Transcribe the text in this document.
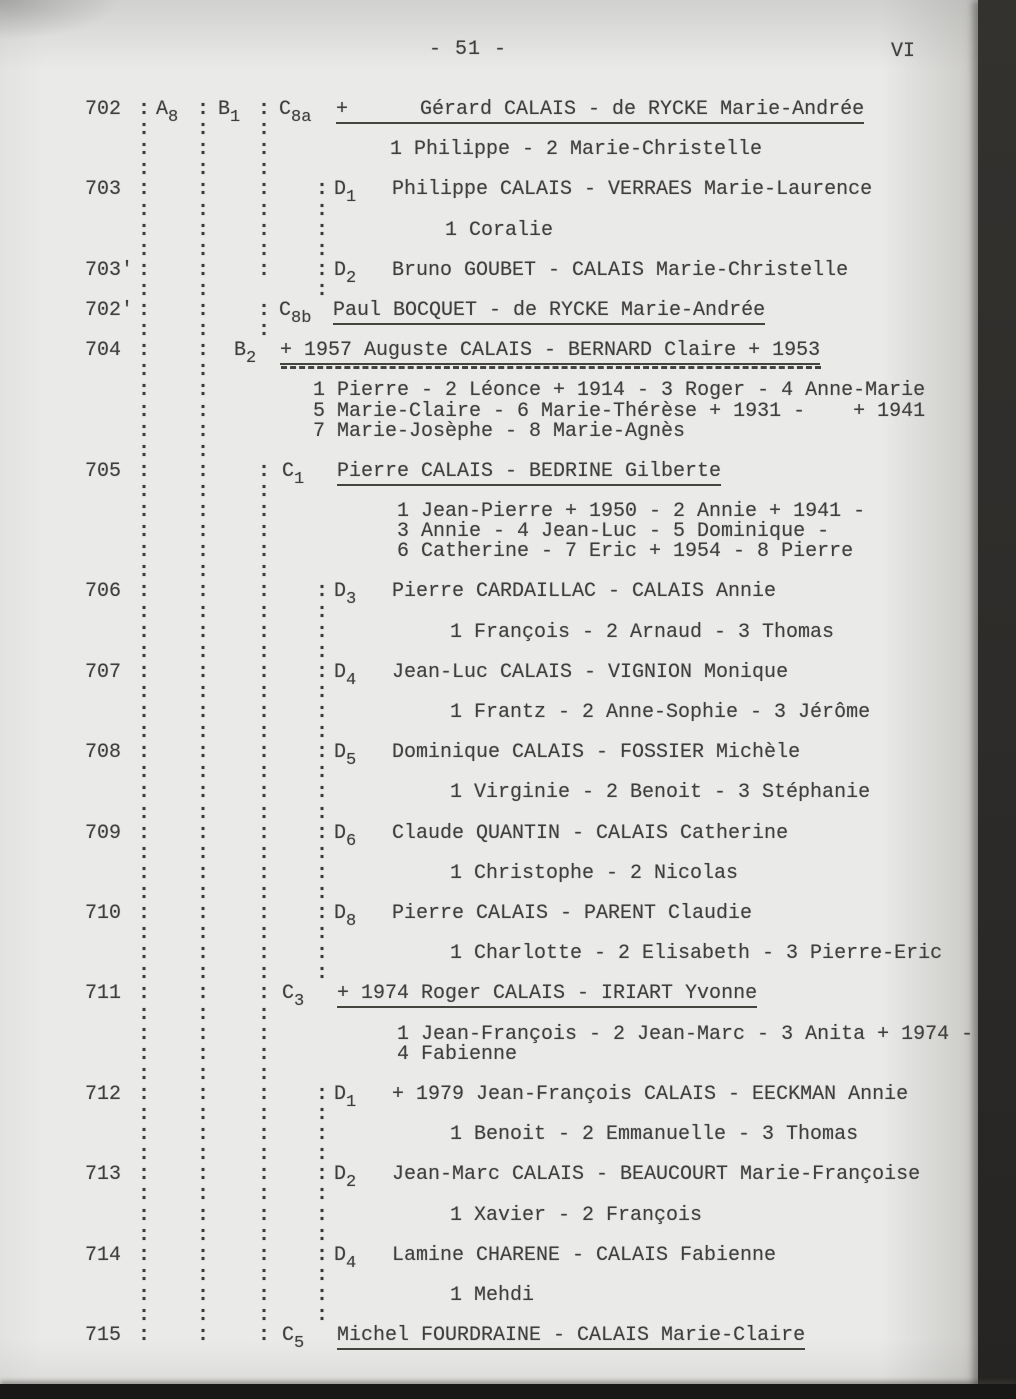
- 51 -	VI
702 : A8 : B1 : C8a +      Gérard CALAIS - de RYCKE Marie-Andrée
: : :
: : :	1 Philippe - 2 Marie-Christelle
: : :
703 : : : : D1 Philippe CALAIS - VERRAES Marie-Laurence
: : : :
: : : :	1 Coralie
: : : :
703' : : : : D2 Bruno GOUBET - CALAIS Marie-Christelle
: :	:
702' : : : C8b Paul BOCQUET - de RYCKE Marie-Andrée
: : :
704 : : B2 + 1957 Auguste CALAIS - BERNARD Claire + 1953
: :
: :	1 Pierre - 2 Léonce + 1914 - 3 Roger - 4 Anne-Marie
: :	5 Marie-Claire - 6 Marie-Thérèse + 1931 -    + 1941
: :	7 Marie-Josèphe - 8 Marie-Agnès
: :
705 : : : C1 Pierre CALAIS - BEDRINE Gilberte
: : :
: : :	1 Jean-Pierre + 1950 - 2 Annie + 1941 -
: : :	3 Annie - 4 Jean-Luc - 5 Dominique -
: : :	6 Catherine - 7 Eric + 1954 - 8 Pierre
: : :
706 : : : : D3 Pierre CARDAILLAC - CALAIS Annie
: : : :
: : : :	1 François - 2 Arnaud - 3 Thomas
: : : :
707 : : : : D4 Jean-Luc CALAIS - VIGNION Monique
: : : :
: : : :	1 Frantz - 2 Anne-Sophie - 3 Jérôme
: : : :
708 : : : : D5 Dominique CALAIS - FOSSIER Michèle
: : : :
: : : :	1 Virginie - 2 Benoit - 3 Stéphanie
: : : :
709 : : : : D6 Claude QUANTIN - CALAIS Catherine
: : : :
: : : :	1 Christophe - 2 Nicolas
: : : :
710 : : : : D8 Pierre CALAIS - PARENT Claudie
: : : :
: : : :	1 Charlotte - 2 Elisabeth - 3 Pierre-Eric
: : : :
711 : : : C3 + 1974 Roger CALAIS - IRIART Yvonne
: : :
: : :	1 Jean-François - 2 Jean-Marc - 3 Anita + 1974 -
: : :	4 Fabienne
: : :
712 : : : : D1 + 1979 Jean-François CALAIS - EECKMAN Annie
: : : :
: : : :	1 Benoit - 2 Emmanuelle - 3 Thomas
: : : :
713 : : : : D2 Jean-Marc CALAIS - BEAUCOURT Marie-Françoise
: : : :
: : : :	1 Xavier - 2 François
: : : :
714 : : : : D4 Lamine CHARENE - CALAIS Fabienne
: : : :
: : : :	1 Mehdi
: : : :
715 : : : C5 Michel FOURDRAINE - CALAIS Marie-Claire
